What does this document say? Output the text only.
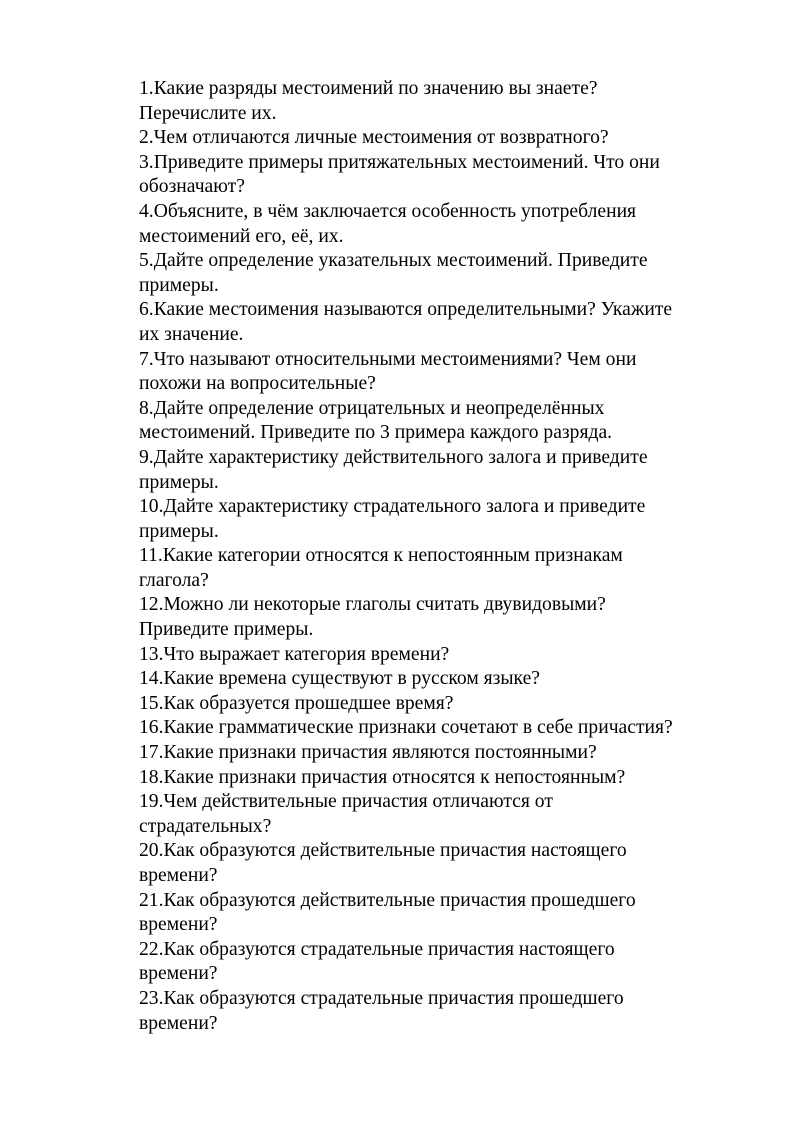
1.Какие разряды местоимений по значению вы знаете?
Перечислите их.
2.Чем отличаются личные местоимения от возвратного?
3.Приведите примеры притяжательных местоимений. Что они
обозначают?
4.Объясните, в чём заключается особенность употребления
местоимений его, её, их.
5.Дайте определение указательных местоимений. Приведите
примеры.
6.Какие местоимения называются определительными? Укажите
их значение.
7.Что называют относительными местоимениями? Чем они
похожи на вопросительные?
8.Дайте определение отрицательных и неопределённых
местоимений. Приведите по 3 примера каждого разряда.
9.Дайте характеристику действительного залога и приведите
примеры.
10.Дайте характеристику страдательного залога и приведите
примеры.
11.Какие категории относятся к непостоянным признакам
глагола?
12.Можно ли некоторые глаголы считать двувидовыми?
Приведите примеры.
13.Что выражает категория времени?
14.Какие времена существуют в русском языке?
15.Как образуется прошедшее время?
16.Какие грамматические признаки сочетают в себе причастия?
17.Какие признаки причастия являются постоянными?
18.Какие признаки причастия относятся к непостоянным?
19.Чем действительные причастия отличаются от
страдательных?
20.Как образуются действительные причастия настоящего
времени?
21.Как образуются действительные причастия прошедшего
времени?
22.Как образуются страдательные причастия настоящего
времени?
23.Как образуются страдательные причастия прошедшего
времени?
